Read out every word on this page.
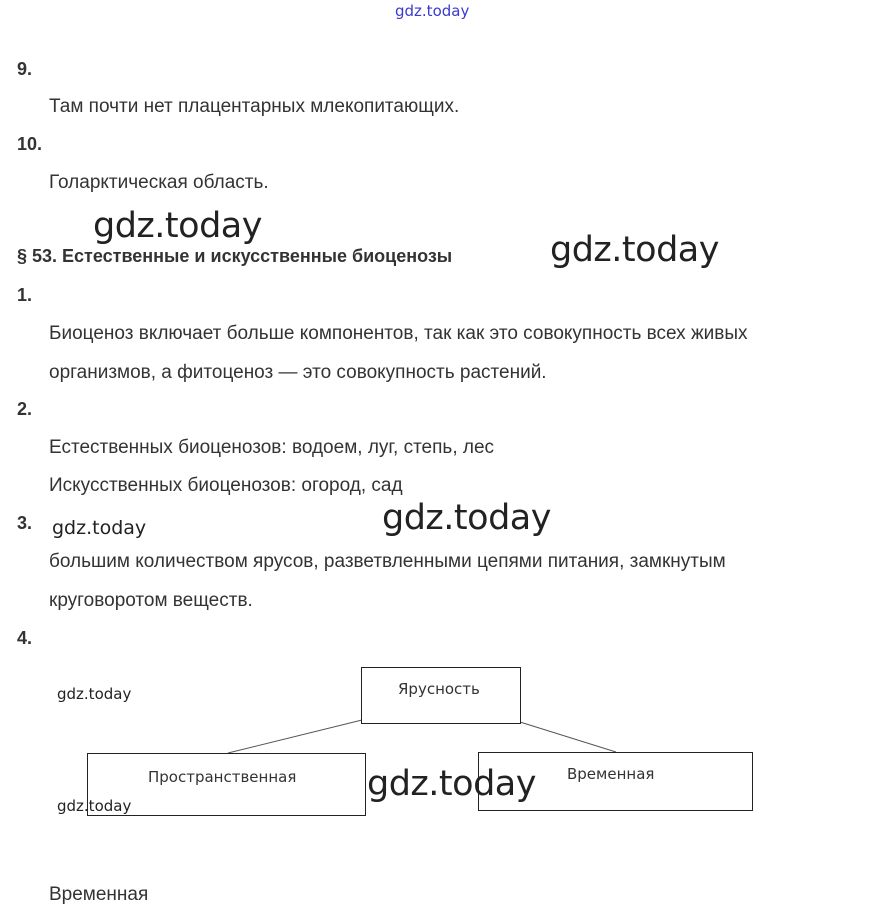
gdz.today
9.
Там почти нет плацентарных млекопитающих.
10.
Голарктическая область.
gdz.today
§ 53. Естественные и искусственные биоценозы	gdz.today
1.
Биоценоз включает больше компонентов, так как это совокупность всех живых
организмов, а фитоценоз — это совокупность растений.
2.
Естественных биоценозов: водоем, луг, степь, лес
Искусственных биоценозов: огород, сад
3. gdz.today	gdz.today
большим количеством ярусов, разветвленными цепями питания, замкнутым
круговоротом веществ.
4.
Ярусность
Пространственная	Временная
gdz.today
gdz.today
gdz.today
Временная
